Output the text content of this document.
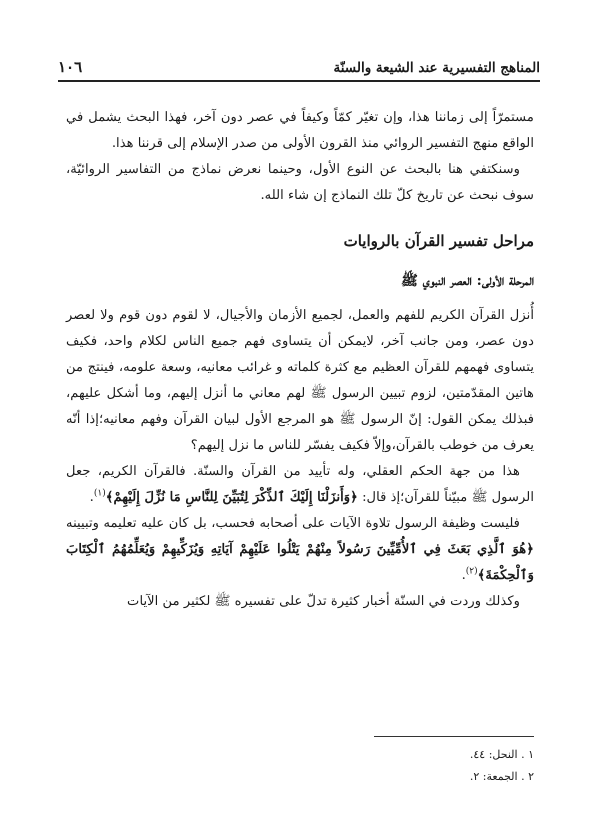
المناهج التفسيرية عند الشيعة والسنّة
١٠٦

مستمرّاً إلى زماننا هذا، وإن تغيّر كمّاً وكيفاً في عصر دون آخر، فهذا البحث يشمل في الواقع منهج التفسير الروائي منذ القرون الأولى من صدر الإسلام إلى قرننا هذا.

وسنكتفي هنا بالبحث عن النوع الأول، وحينما نعرض نماذج من التفاسير الروائيّة، سوف نبحث عن تاريخ كلّ تلك النماذج إن شاء الله.

مراحل تفسير القرآن بالروايات
المرحلة الأولى: العصر النبوي ﷺ

أُنزل القرآن الكريم للفهم والعمل، لجميع الأزمان والأجيال، لا لقوم دون قوم ولا لعصر دون عصر، ومن جانب آخر، لايمكن أن يتساوى فهم جميع الناس لكلام واحد، فكيف يتساوى فهمهم للقرآن العظيم مع كثرة كلماته و غرائب معانيه، وسعة علومه، فينتج من هاتين المقدّمتين، لزوم تبيين الرسول ﷺ لهم معاني ما أنزل إليهم، وما أشكل عليهم، فبذلك يمكن القول: إنّ الرسول ﷺ هو المرجع الأول لبيان القرآن وفهم معانيه؛إذا أنّه يعرف من خوطب بالقرآن،وإلاّ فكيف يفسّر للناس ما نزل إليهم؟

هذا من جهة الحكم العقلي، وله تأييد من القرآن والسنّة. فالقرآن الكريم، جعل الرسول ﷺ مبيّناً للقرآن؛إذ قال: ﴿وَأَنزَلْنَا إِلَيْكَ ٱلذِّكْرَ لِتُبَيِّنَ لِلنَّاسِ مَا نُزِّلَ إِلَيْهِمْ﴾$^{(١)}$.

فليست وظيفة الرسول تلاوة الآيات على أصحابه فحسب، بل كان عليه تعليمه وتبيينه ﴿هُوَ ٱلَّذِي بَعَثَ فِي ٱلأُمِّيِّينَ رَسُولاً مِنْهُمْ يَتْلُوا عَلَيْهِمْ آيَاتِهِ وَيُزَكِّيهِمْ وَيُعَلِّمُهُمُ ٱلْكِتَابَ وَٱلْحِكْمَةَ﴾$^{(٢)}$.

وكذلك وردت في السنّة أخبار كثيرة تدلّ على تفسيره ﷺ لكثير من الآيات

١ . النحل: ٤٤.
٢ . الجمعة: ٢.
